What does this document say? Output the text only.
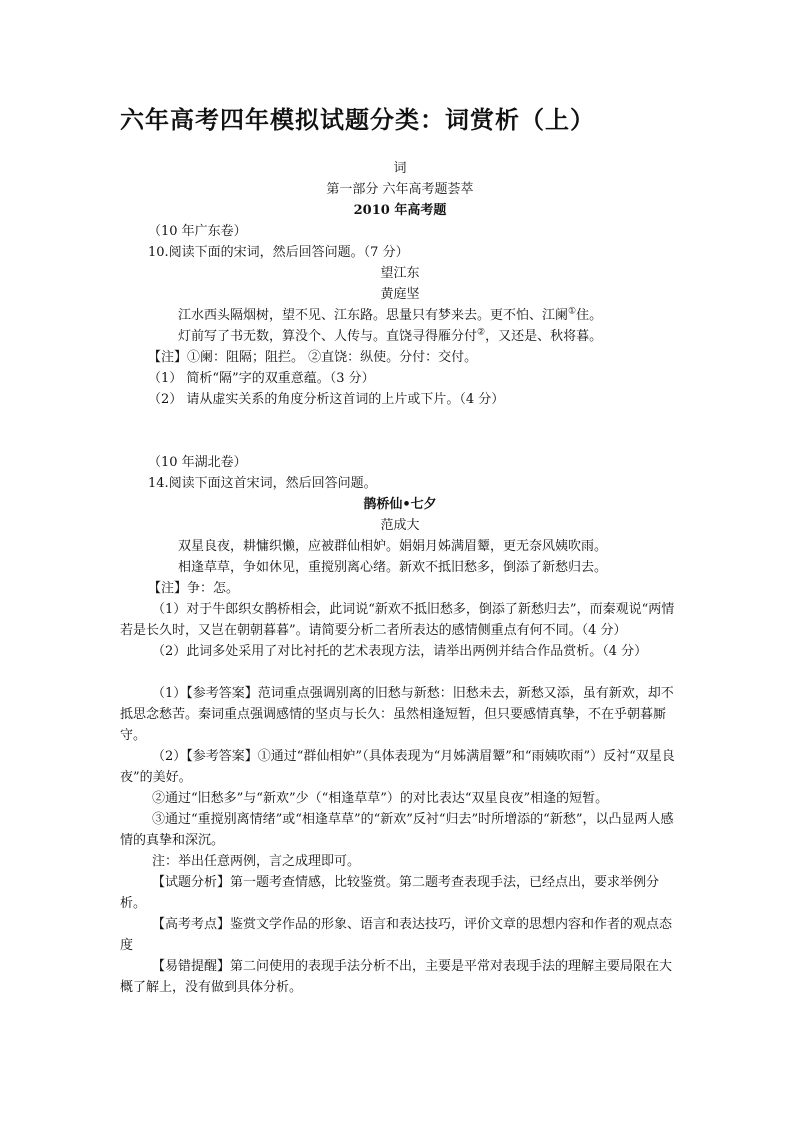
六年高考四年模拟试题分类：词赏析（上）

词

第一部分 六年高考题荟萃

2010 年高考题

（10 年广东卷）

10.阅读下面的宋词，然后回答问题。（7 分）

望江东

黄庭坚

江水西头隔烟树，望不见、江东路。思量只有梦来去。更不怕、江阑①住。

灯前写了书无数，算没个、人传与。直饶寻得雁分付②，又还是、秋将暮。

【注】①阑：阻隔；阻拦。 ②直饶：纵使。分付：交付。

（1） 简析“隔”字的双重意蕴。（3 分）

（2） 请从虚实关系的角度分析这首词的上片或下片。（4 分）

（10 年湖北卷）

14.阅读下面这首宋词，然后回答问题。

鹊桥仙•七夕

范成大

双星良夜，耕慵织懒，应被群仙相妒。娟娟月姊满眉颦，更无奈风姨吹雨。

相逢草草，争如休见，重搅别离心绪。新欢不抵旧愁多，倒添了新愁归去。

【注】争：怎。

（1）对于牛郎织女鹊桥相会，此词说“新欢不抵旧愁多，倒添了新愁归去”，而秦观说“两情若是长久时，又岂在朝朝暮暮”。请简要分析二者所表达的感情侧重点有何不同。（4 分）

（2）此词多处采用了对比衬托的艺术表现方法，请举出两例并结合作品赏析。（4 分）

（1）【参考答案】范词重点强调别离的旧愁与新愁：旧愁未去，新愁又添，虽有新欢，却不抵思念愁苦。秦词重点强调感情的坚贞与长久：虽然相逢短暂，但只要感情真挚，不在乎朝暮厮守。

（2）【参考答案】①通过“群仙相妒”（具体表现为“月姊满眉颦”和“雨姨吹雨”）反衬“双星良夜”的美好。

②通过“旧愁多”与“新欢”少（“相逢草草”）的对比表达“双星良夜”相逢的短暂。

③通过“重搅别离情绪”或“相逢草草”的“新欢”反衬“归去”时所增添的“新愁”，以凸显两人感情的真挚和深沉。

注：举出任意两例，言之成理即可。

【试题分析】第一题考查情感，比较鉴赏。第二题考查表现手法，已经点出，要求举例分析。

【高考考点】鉴赏文学作品的形象、语言和表达技巧，评价文章的思想内容和作者的观点态度

【易错提醒】第二问使用的表现手法分析不出，主要是平常对表现手法的理解主要局限在大概了解上，没有做到具体分析。
